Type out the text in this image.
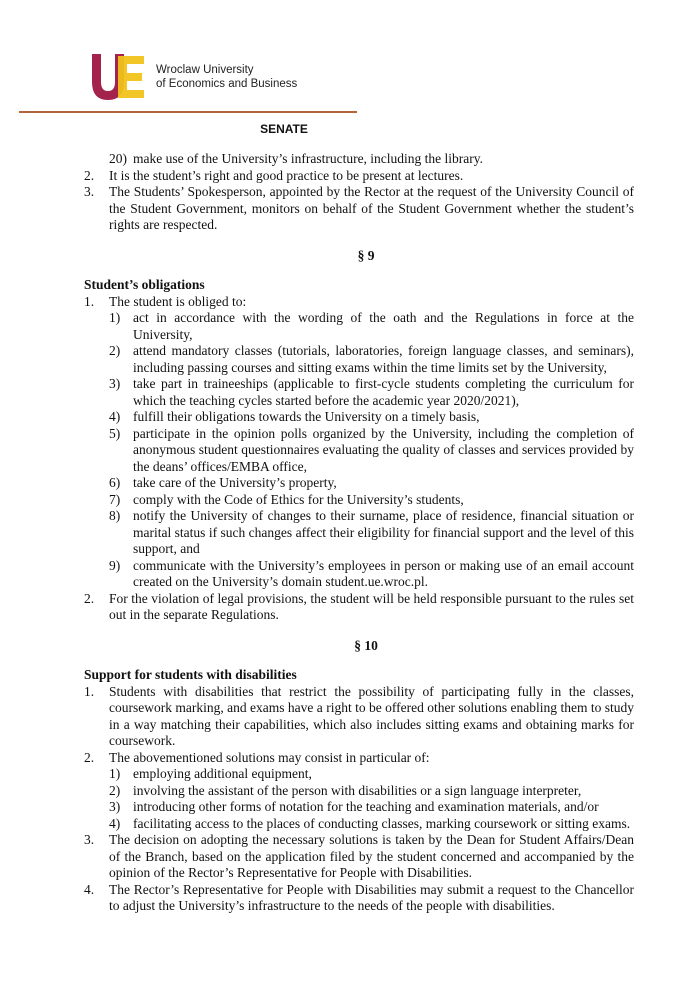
Wroclaw University
of Economics and Business
SENATE
20) make use of the University’s infrastructure, including the library.
2. It is the student’s right and good practice to be present at lectures.
3. The Students’ Spokesperson, appointed by the Rector at the request of the University Council of the Student Government, monitors on behalf of the Student Government whether the student’s rights are respected.
§ 9
Student’s obligations
1. The student is obliged to:
1) act in accordance with the wording of the oath and the Regulations in force at the University,
2) attend mandatory classes (tutorials, laboratories, foreign language classes, and seminars), including passing courses and sitting exams within the time limits set by the University,
3) take part in traineeships (applicable to first-cycle students completing the curriculum for which the teaching cycles started before the academic year 2020/2021),
4) fulfill their obligations towards the University on a timely basis,
5) participate in the opinion polls organized by the University, including the completion of anonymous student questionnaires evaluating the quality of classes and services provided by the deans’ offices/EMBA office,
6) take care of the University’s property,
7) comply with the Code of Ethics for the University’s students,
8) notify the University of changes to their surname, place of residence, financial situation or marital status if such changes affect their eligibility for financial support and the level of this support, and
9) communicate with the University’s employees in person or making use of an email account created on the University’s domain student.ue.wroc.pl.
2. For the violation of legal provisions, the student will be held responsible pursuant to the rules set out in the separate Regulations.
§ 10
Support for students with disabilities
1. Students with disabilities that restrict the possibility of participating fully in the classes, coursework marking, and exams have a right to be offered other solutions enabling them to study in a way matching their capabilities, which also includes sitting exams and obtaining marks for coursework.
2. The abovementioned solutions may consist in particular of:
1) employing additional equipment,
2) involving the assistant of the person with disabilities or a sign language interpreter,
3) introducing other forms of notation for the teaching and examination materials, and/or
4) facilitating access to the places of conducting classes, marking coursework or sitting exams.
3. The decision on adopting the necessary solutions is taken by the Dean for Student Affairs/Dean of the Branch, based on the application filed by the student concerned and accompanied by the opinion of the Rector’s Representative for People with Disabilities.
4. The Rector’s Representative for People with Disabilities may submit a request to the Chancellor to adjust the University’s infrastructure to the needs of the people with disabilities.
